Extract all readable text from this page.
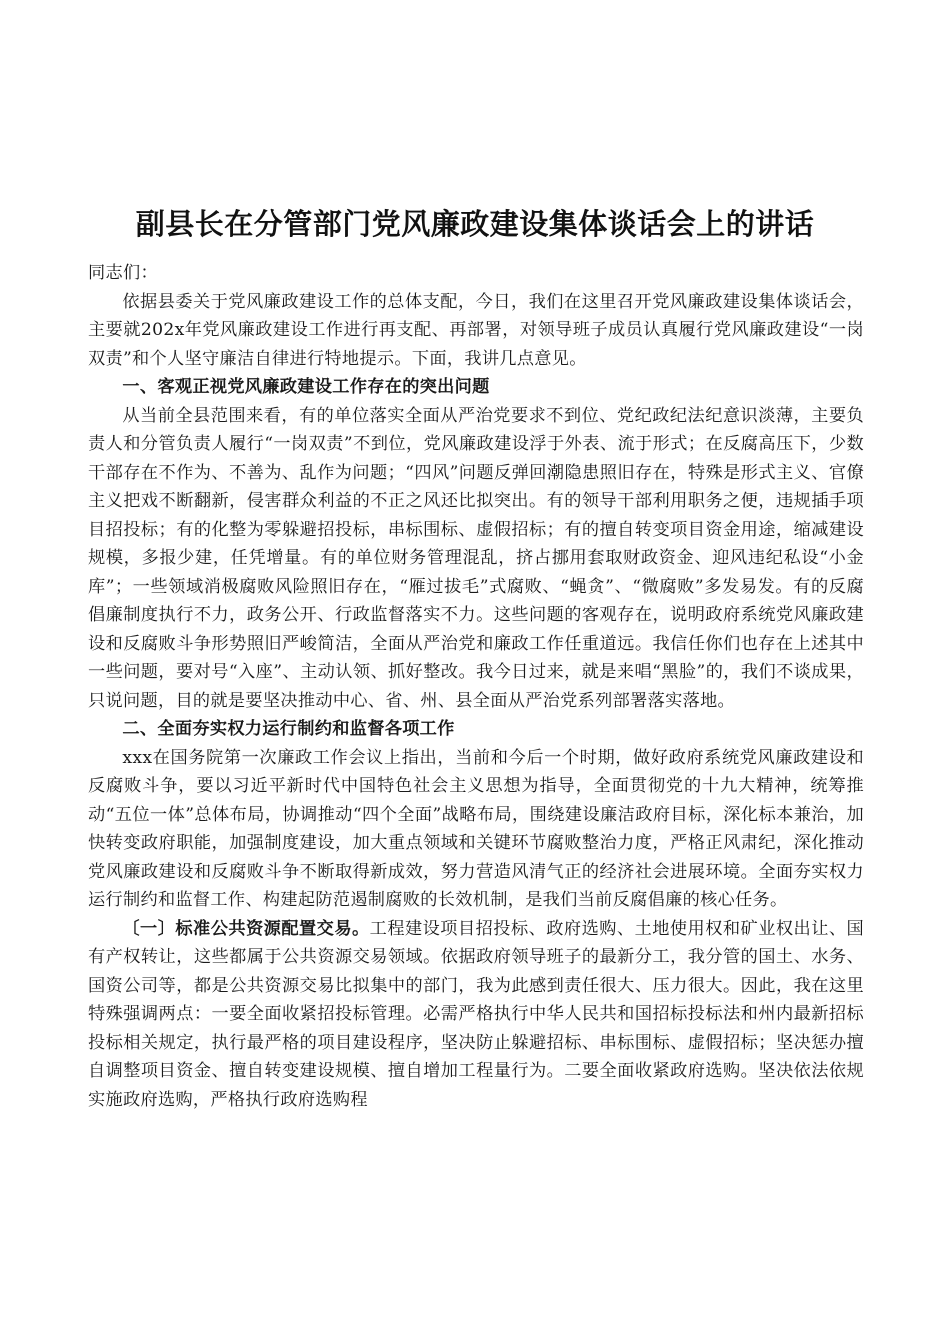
副县长在分管部门党风廉政建设集体谈话会上的讲话

同志们：

依据县委关于党风廉政建设工作的总体支配，今日，我们在这里召开党风廉政建设集体谈话会，主要就202x年党风廉政建设工作进行再支配、再部署，对领导班子成员认真履行党风廉政建设“一岗双责”和个人坚守廉洁自律进行特地提示。下面，我讲几点意见。

一、客观正视党风廉政建设工作存在的突出问题

从当前全县范围来看，有的单位落实全面从严治党要求不到位、党纪政纪法纪意识淡薄，主要负责人和分管负责人履行“一岗双责”不到位，党风廉政建设浮于外表、流于形式；在反腐高压下，少数干部存在不作为、不善为、乱作为问题；“四风”问题反弹回潮隐患照旧存在，特殊是形式主义、官僚主义把戏不断翻新，侵害群众利益的不正之风还比拟突出。有的领导干部利用职务之便，违规插手项目招投标；有的化整为零躲避招投标，串标围标、虚假招标；有的擅自转变项目资金用途，缩减建设规模，多报少建，任凭增量。有的单位财务管理混乱，挤占挪用套取财政资金、迎风违纪私设“小金库”；一些领域消极腐败风险照旧存在，“雁过拔毛”式腐败、“蝇贪”、“微腐败”多发易发。有的反腐倡廉制度执行不力，政务公开、行政监督落实不力。这些问题的客观存在，说明政府系统党风廉政建设和反腐败斗争形势照旧严峻简洁，全面从严治党和廉政工作任重道远。我信任你们也存在上述其中一些问题，要对号“入座”、主动认领、抓好整改。我今日过来，就是来唱“黑脸”的，我们不谈成果，只说问题，目的就是要坚决推动中心、省、州、县全面从严治党系列部署落实落地。

二、全面夯实权力运行制约和监督各项工作

xxx在国务院第一次廉政工作会议上指出，当前和今后一个时期，做好政府系统党风廉政建设和反腐败斗争，要以习近平新时代中国特色社会主义思想为指导，全面贯彻党的十九大精神，统筹推动“五位一体”总体布局，协调推动“四个全面”战略布局，围绕建设廉洁政府目标，深化标本兼治，加快转变政府职能，加强制度建设，加大重点领域和关键环节腐败整治力度，严格正风肃纪，深化推动党风廉政建设和反腐败斗争不断取得新成效，努力营造风清气正的经济社会进展环境。全面夯实权力运行制约和监督工作、构建起防范遏制腐败的长效机制，是我们当前反腐倡廉的核心任务。

〔一〕标准公共资源配置交易。工程建设项目招投标、政府选购、土地使用权和矿业权出让、国有产权转让，这些都属于公共资源交易领域。依据政府领导班子的最新分工，我分管的国土、水务、国资公司等，都是公共资源交易比拟集中的部门，我为此感到责任很大、压力很大。因此，我在这里特殊强调两点：一要全面收紧招投标管理。必需严格执行中华人民共和国招标投标法和州内最新招标投标相关规定，执行最严格的项目建设程序，坚决防止躲避招标、串标围标、虚假招标；坚决惩办擅自调整项目资金、擅自转变建设规模、擅自增加工程量行为。二要全面收紧政府选购。坚决依法依规实施政府选购，严格执行政府选购程
